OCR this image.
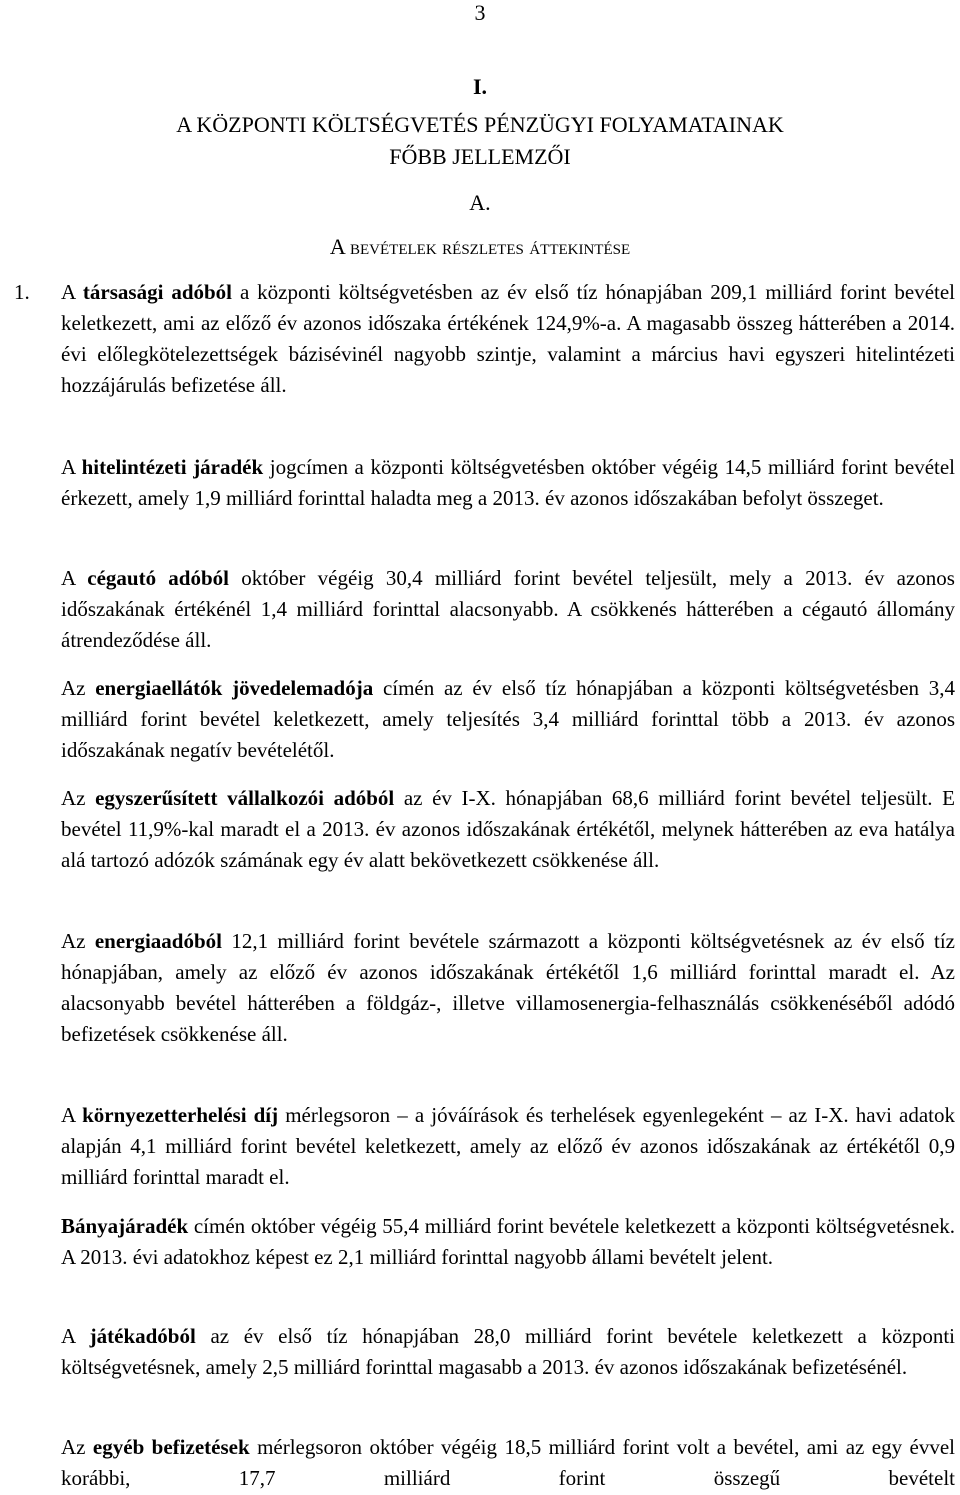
3
I.
A KÖZPONTI KÖLTSÉGVETÉS PÉNZÜGYI FOLYAMATAINAK
FŐBB JELLEMZŐI
A.
A bevételek részletes áttekintése
1. A társasági adóból a központi költségvetésben az év első tíz hónapjában 209,1 milliárd forint bevétel keletkezett, ami az előző év azonos időszaka értékének 124,9%-a. A magasabb összeg hátterében a 2014. évi előlegkötelezettségek bázisévinél nagyobb szintje, valamint a március havi egyszeri hitelintézeti hozzájárulás befizetése áll.
A hitelintézeti járadék jogcímen a központi költségvetésben október végéig 14,5 milliárd forint bevétel érkezett, amely 1,9 milliárd forinttal haladta meg a 2013. év azonos időszakában befolyt összeget.
A cégautó adóból október végéig 30,4 milliárd forint bevétel teljesült, mely a 2013. év azonos időszakának értékénél 1,4 milliárd forinttal alacsonyabb. A csökkenés hátterében a cégautó állomány átrendeződése áll.
Az energiaellátók jövedelemadója címén az év első tíz hónapjában a központi költségvetésben 3,4 milliárd forint bevétel keletkezett, amely teljesítés 3,4 milliárd forinttal több a 2013. év azonos időszakának negatív bevételétől.
Az egyszerűsített vállalkozói adóból az év I-X. hónapjában 68,6 milliárd forint bevétel teljesült. E bevétel 11,9%-kal maradt el a 2013. év azonos időszakának értékétől, melynek hátterében az eva hatálya alá tartozó adózók számának egy év alatt bekövetkezett csökkenése áll.
Az energiaadóból 12,1 milliárd forint bevétele származott a központi költségvetésnek az év első tíz hónapjában, amely az előző év azonos időszakának értékétől 1,6 milliárd forinttal maradt el. Az alacsonyabb bevétel hátterében a földgáz-, illetve villamosenergia-felhasználás csökkenéséből adódó befizetések csökkenése áll.
A környezetterhelési díj mérlegsoron – a jóváírások és terhelések egyenlegeként – az I-X. havi adatok alapján 4,1 milliárd forint bevétel keletkezett, amely az előző év azonos időszakának az értékétől 0,9 milliárd forinttal maradt el.
Bányajáradék címén október végéig 55,4 milliárd forint bevétele keletkezett a központi költségvetésnek. A 2013. évi adatokhoz képest ez 2,1 milliárd forinttal nagyobb állami bevételt jelent.
A játékadóból az év első tíz hónapjában 28,0 milliárd forint bevétele keletkezett a központi költségvetésnek, amely 2,5 milliárd forinttal magasabb a 2013. év azonos időszakának befizetésénél.
Az egyéb befizetések mérlegsoron október végéig 18,5 milliárd forint volt a bevétel, ami az egy évvel korábbi, 17,7 milliárd forint összegű bevételt
